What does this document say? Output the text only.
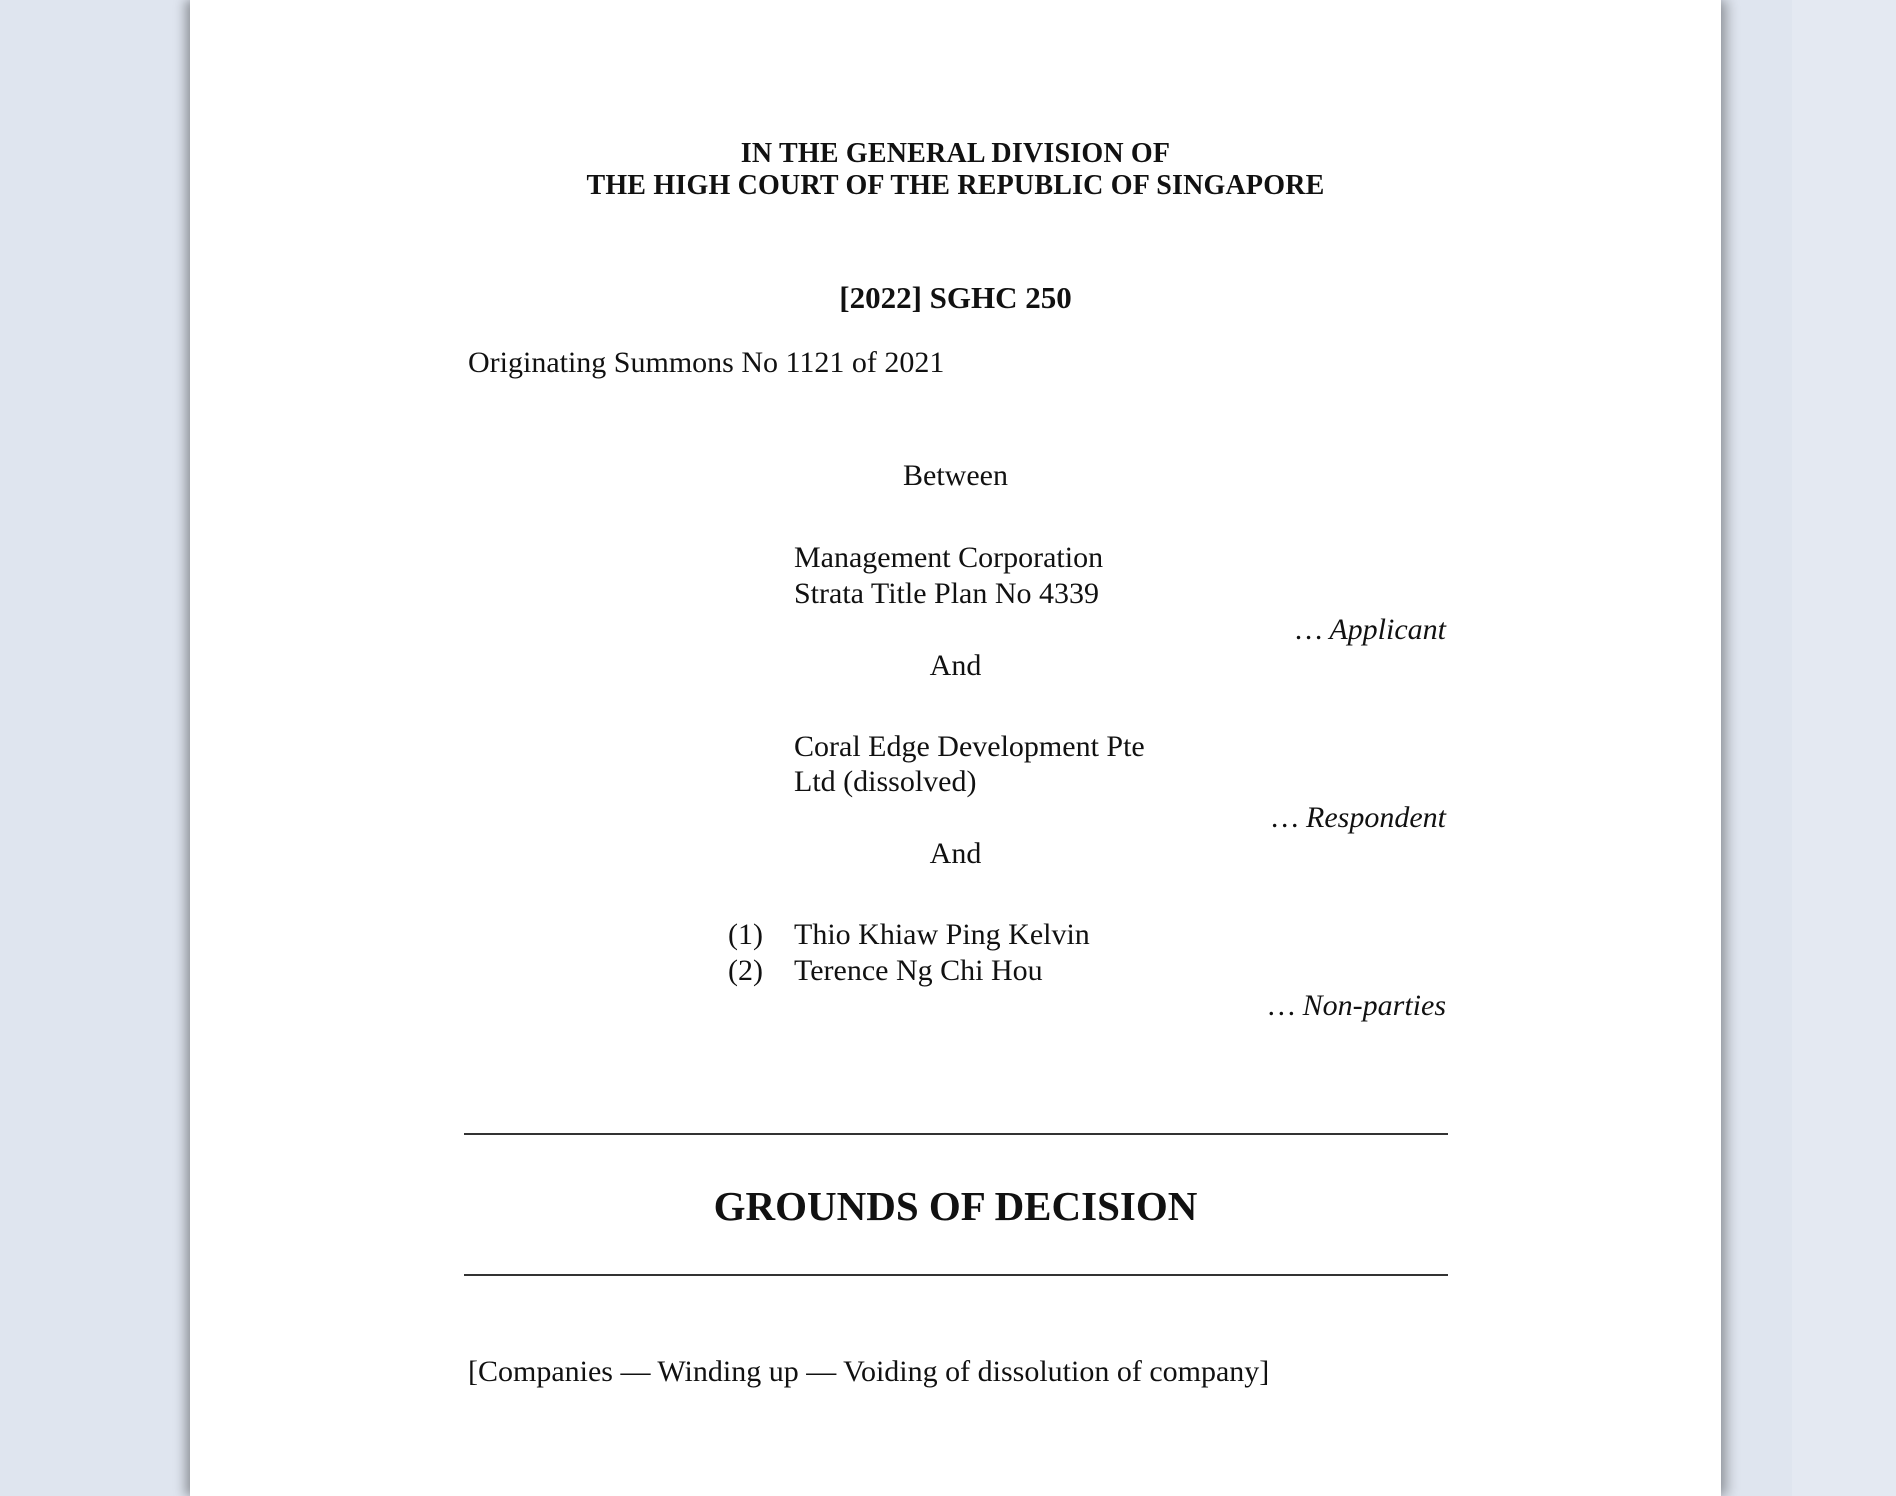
IN THE GENERAL DIVISION OF
THE HIGH COURT OF THE REPUBLIC OF SINGAPORE
[2022] SGHC 250
Originating Summons No 1121 of 2021
Between
Management Corporation
Strata Title Plan No 4339
… Applicant
And
Coral Edge Development Pte
Ltd (dissolved)
… Respondent
And
(1) Thio Khiaw Ping Kelvin
(2) Terence Ng Chi Hou
… Non-parties
GROUNDS OF DECISION
[Companies — Winding up — Voiding of dissolution of company]
